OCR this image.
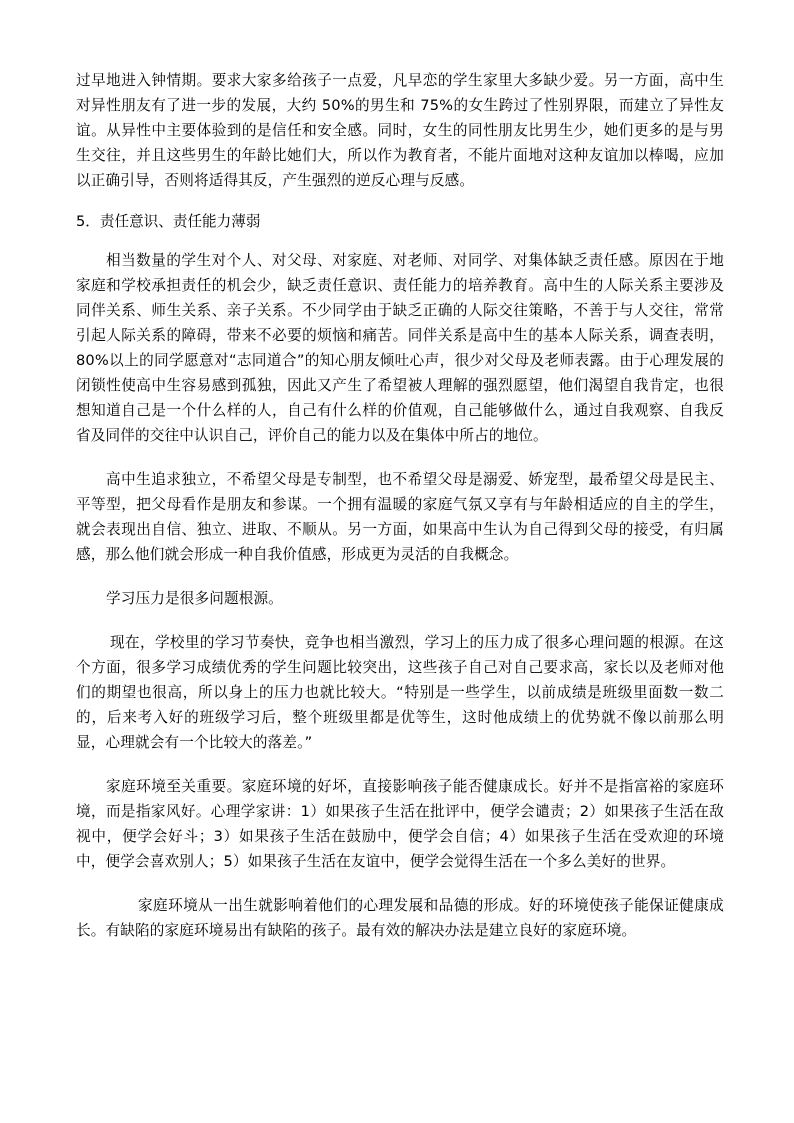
过早地进入钟情期。要求大家多给孩子一点爱，凡早恋的学生家里大多缺少爱。另一方面，高中生对异性朋友有了进一步的发展，大约 50%的男生和 75%的女生跨过了性别界限，而建立了异性友谊。从异性中主要体验到的是信任和安全感。同时，女生的同性朋友比男生少，她们更多的是与男生交往，并且这些男生的年龄比她们大，所以作为教育者，不能片面地对这种友谊加以棒喝，应加以正确引导，否则将适得其反，产生强烈的逆反心理与反感。

5．责任意识、责任能力薄弱

相当数量的学生对个人、对父母、对家庭、对老师、对同学、对集体缺乏责任感。原因在于地家庭和学校承担责任的机会少，缺乏责任意识、责任能力的培养教育。高中生的人际关系主要涉及同伴关系、师生关系、亲子关系。不少同学由于缺乏正确的人际交往策略，不善于与人交往，常常引起人际关系的障碍，带来不必要的烦恼和痛苦。同伴关系是高中生的基本人际关系，调查表明，80%以上的同学愿意对“志同道合”的知心朋友倾吐心声，很少对父母及老师表露。由于心理发展的闭锁性使高中生容易感到孤独，因此又产生了希望被人理解的强烈愿望，他们渴望自我肯定，也很想知道自己是一个什么样的人，自己有什么样的价值观，自己能够做什么，通过自我观察、自我反省及同伴的交往中认识自己，评价自己的能力以及在集体中所占的地位。

高中生追求独立，不希望父母是专制型，也不希望父母是溺爱、娇宠型，最希望父母是民主、平等型，把父母看作是朋友和参谋。一个拥有温暖的家庭气氛又享有与年龄相适应的自主的学生，就会表现出自信、独立、进取、不顺从。另一方面，如果高中生认为自己得到父母的接受，有归属感，那么他们就会形成一种自我价值感，形成更为灵活的自我概念。

学习压力是很多问题根源。

现在，学校里的学习节奏快，竞争也相当激烈，学习上的压力成了很多心理问题的根源。在这个方面，很多学习成绩优秀的学生问题比较突出，这些孩子自己对自己要求高，家长以及老师对他们的期望也很高，所以身上的压力也就比较大。“特别是一些学生，以前成绩是班级里面数一数二的，后来考入好的班级学习后，整个班级里都是优等生，这时他成绩上的优势就不像以前那么明显，心理就会有一个比较大的落差。”

家庭环境至关重要。家庭环境的好坏，直接影响孩子能否健康成长。好并不是指富裕的家庭环境，而是指家风好。心理学家讲：1）如果孩子生活在批评中，便学会谴责；2）如果孩子生活在敌视中，便学会好斗；3）如果孩子生活在鼓励中，便学会自信；4）如果孩子生活在受欢迎的环境中，便学会喜欢别人；5）如果孩子生活在友谊中，便学会觉得生活在一个多么美好的世界。

家庭环境从一出生就影响着他们的心理发展和品德的形成。好的环境使孩子能保证健康成长。有缺陷的家庭环境易出有缺陷的孩子。最有效的解决办法是建立良好的家庭环境。
